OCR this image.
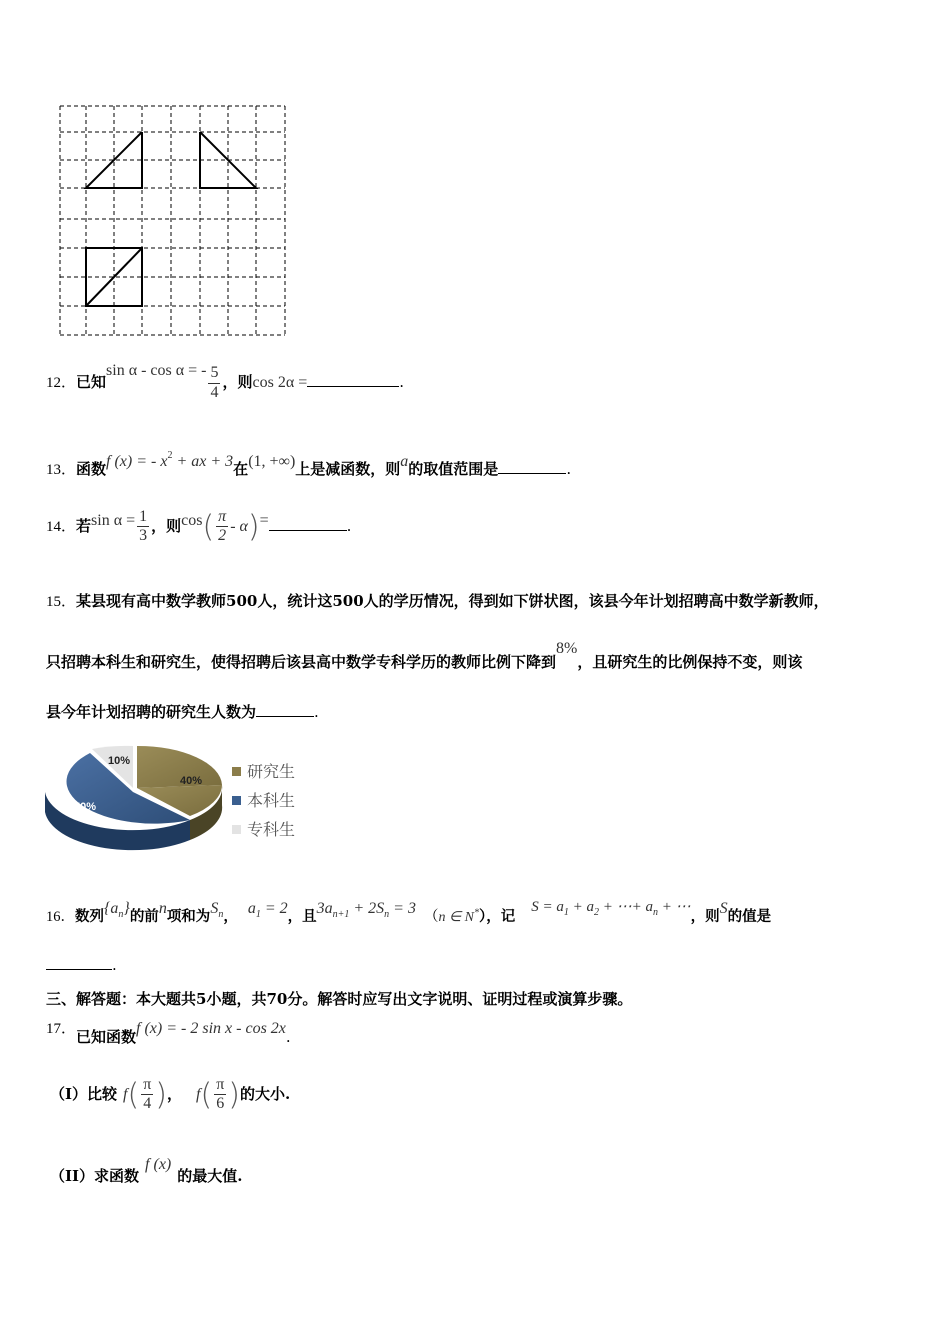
12．已知sin α - cos α = - $\frac{5}{4}$ ，则cos 2α =	.
13．函数f (x) = - $x^2$ + ax + 3在(1, +∞)上是减函数，则a的取值范围是	.
14．若$\sin \alpha = \frac{1}{3}$ ，则$\cos( \frac{\pi}{2} - \alpha)=$	.
15．某县现有高中数学教师500人，统计这500人的学历情况，得到如下饼状图，该县今年计划招聘高中数学新教师，
只招聘本科生和研究生，使得招聘后该县高中数学专科学历的教师比例下降到8%，且研究生的比例保持不变，则该
县今年计划招聘的研究生人数为	.
40%
50%
10%
研究生
本科生
专科生
16．数列$\{a_n\}$的前n项和为$S_n$， $a_1 = 2$，且$3a_{n+1} + 2S_n = 3$ （n ∈ N*），记$S = a_1 + a_2$ + ⋯+ $a_n$ + ⋯，则S的值是
.
三、解答题：本大题共5小题，共70分。解答时应写出文字说明、证明过程或演算步骤。
17．已知函数f (x) = - 2 sin x - cos 2x.
（I）比较 $f( \frac{\pi}{4}$ )， $f( \frac{\pi}{6}$ )的大小.
（II）求函数f (x)的最大值.
